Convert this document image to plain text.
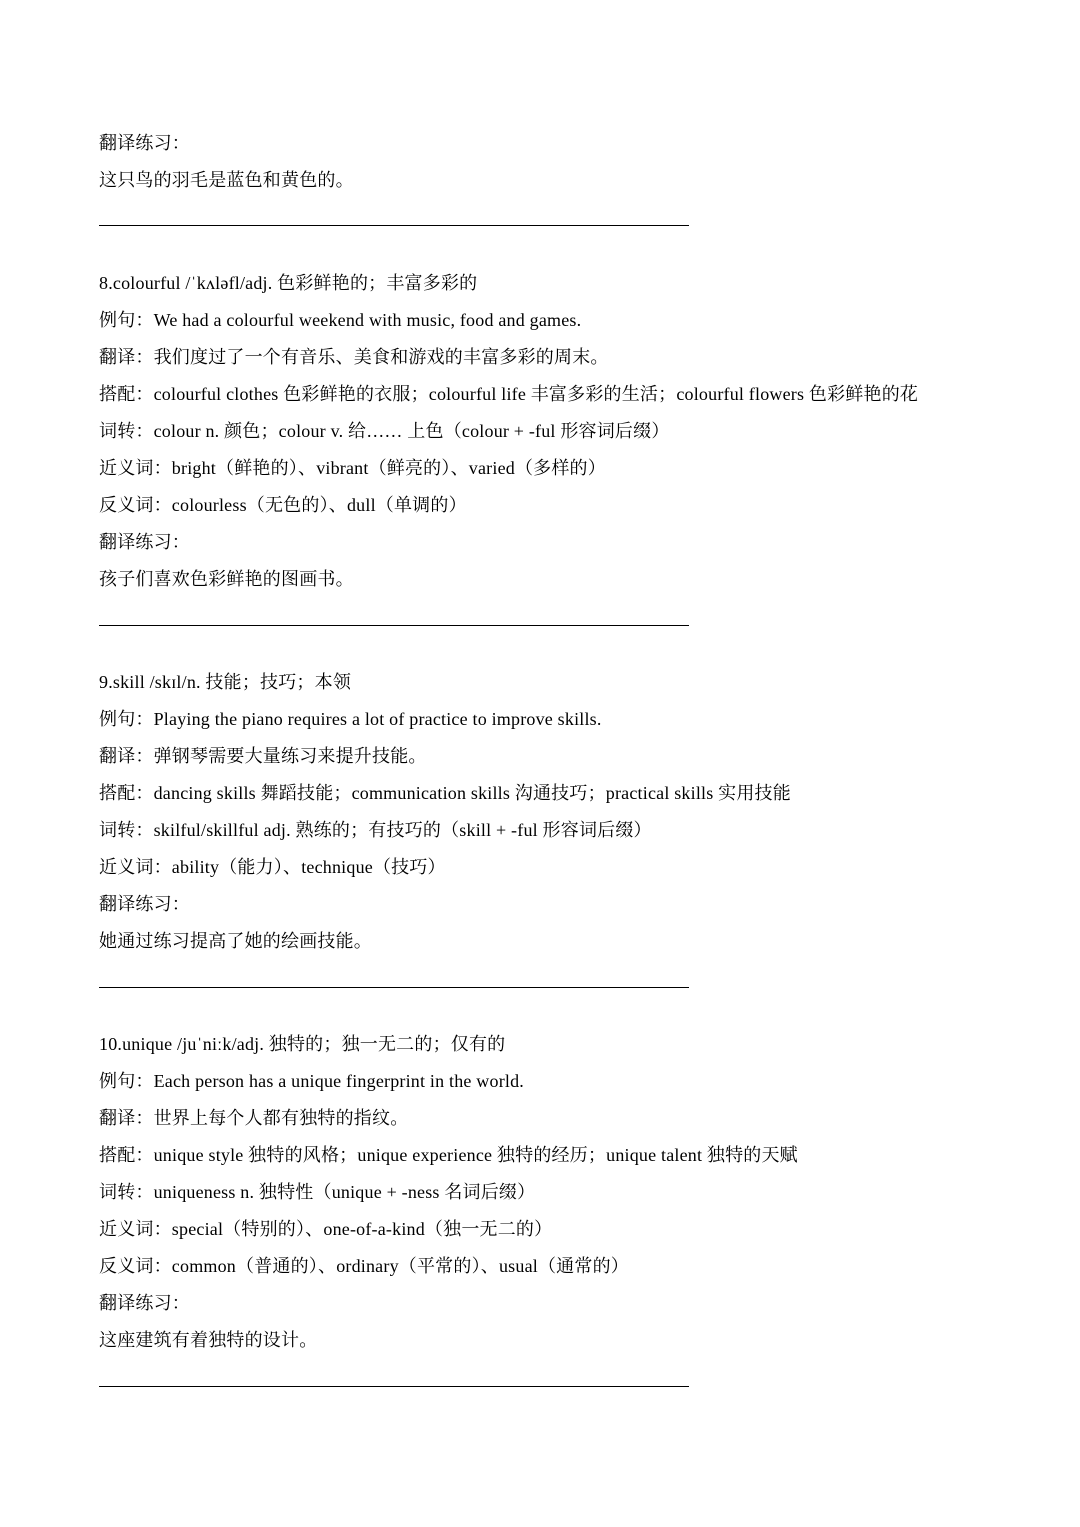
翻译练习：
这只鸟的羽毛是蓝色和黄色的。
8.colourful /ˈkʌləfl/adj. 色彩鲜艳的；丰富多彩的
例句：We had a colourful weekend with music, food and games.
翻译：我们度过了一个有音乐、美食和游戏的丰富多彩的周末。
搭配：colourful clothes 色彩鲜艳的衣服；colourful life 丰富多彩的生活；colourful flowers 色彩鲜艳的花
词转：colour n. 颜色；colour v. 给…… 上色（colour + -ful 形容词后缀）
近义词：bright（鲜艳的）、vibrant（鲜亮的）、varied（多样的）
反义词：colourless（无色的）、dull（单调的）
翻译练习：
孩子们喜欢色彩鲜艳的图画书。
9.skill /skɪl/n. 技能；技巧；本领
例句：Playing the piano requires a lot of practice to improve skills.
翻译：弹钢琴需要大量练习来提升技能。
搭配：dancing skills 舞蹈技能；communication skills 沟通技巧；practical skills 实用技能
词转：skilful/skillful adj. 熟练的；有技巧的（skill + -ful 形容词后缀）
近义词：ability（能力）、technique（技巧）
翻译练习：
她通过练习提高了她的绘画技能。
10.unique /juˈniːk/adj. 独特的；独一无二的；仅有的
例句：Each person has a unique fingerprint in the world.
翻译：世界上每个人都有独特的指纹。
搭配：unique style 独特的风格；unique experience 独特的经历；unique talent 独特的天赋
词转：uniqueness n. 独特性（unique + -ness 名词后缀）
近义词：special（特别的）、one-of-a-kind（独一无二的）
反义词：common（普通的）、ordinary（平常的）、usual（通常的）
翻译练习：
这座建筑有着独特的设计。
